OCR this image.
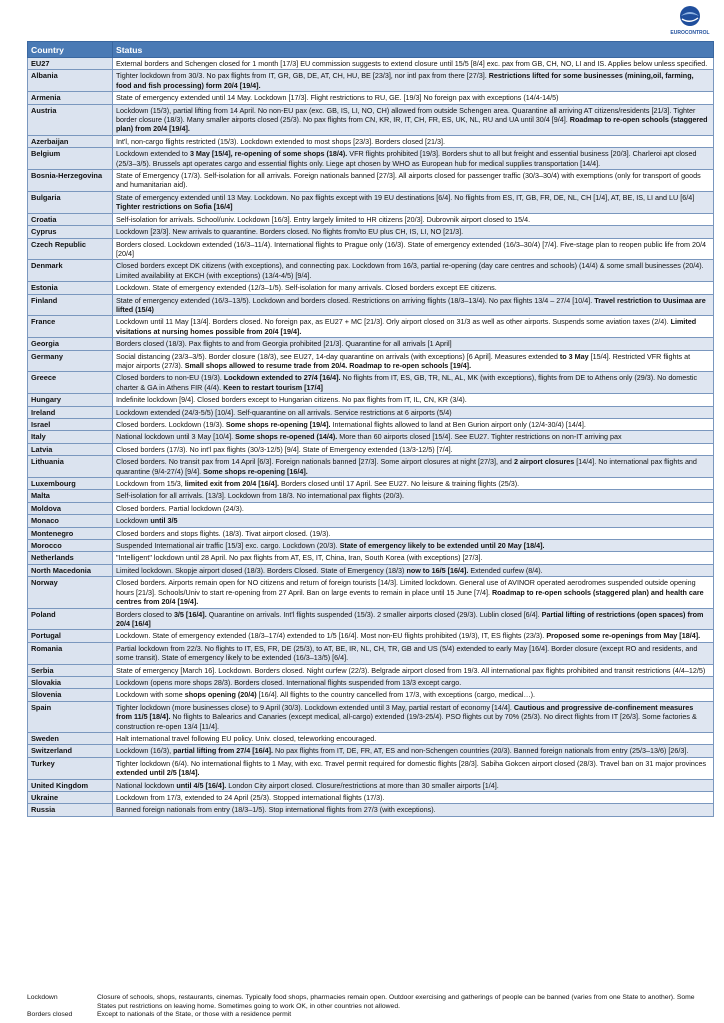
EUROCONTROL
Country	Status
EU27	External borders and Schengen closed for 1 month [17/3] EU commission suggests to extend closure until 15/5 [8/4] exc. pax from GB, CH, NO, LI and IS. Applies below unless specified.
Albania	Tighter lockdown from 30/3. No pax flights from IT, GR, GB, DE, AT, CH, HU, BE [23/3], nor intl pax from there [27/3]. Restrictions lifted for some businesses (mining,oil, farming, food and fish processing) form 20/4 [19/4].
Armenia	State of emergency extended until 14 May. Lockdown [17/3]. Flight restrictions to RU, GE. [19/3] No foreign pax with exceptions (14/4-14/5)
Austria	Lockdown (15/3), partial lifting from 14 April. No non-EU pax (exc. GB, IS, LI, NO, CH) allowed from outside Schengen area. Quarantine all arriving AT citizens/residents [21/3]. Tighter border closure (18/3). Many smaller airports closed (25/3). No pax flights from CN, KR, IR, IT, CH, FR, ES, UK, NL, RU and UA until 30/4 [9/4]. Roadmap to re-open schools (staggered plan) from 20/4 [19/4].
Azerbaijan	Int'l, non-cargo flights restricted (15/3). Lockdown extended to most shops [23/3]. Borders closed [21/3].
Belgium	Lockdown extended to 3 May [15/4], re-opening of some shops (18/4). VFR flights prohibited [19/3]. Borders shut to all but freight and essential business [20/3]. Charleroi apt closed (25/3–3/5). Brussels apt operates cargo and essential flights only. Liege apt chosen by WHO as European hub for medical supplies transportation [14/4].
Bosnia-Herzegovina	State of Emergency (17/3). Self-isolation for all arrivals. Foreign nationals banned [27/3]. All airports closed for passenger traffic (30/3–30/4) with exemptions (only for transport of goods and humanitarian aid).
Bulgaria	State of emergency extended until 13 May. Lockdown. No pax flights except with 19 EU destinations [6/4]. No flights from ES, IT, GB, FR, DE, NL, CH [1/4], AT, BE, IS, LI and LU [6/4] Tighter restrictions on Sofia [16/4]
Croatia	Self-isolation for arrivals. School/univ. Lockdown [16/3]. Entry largely limited to HR citizens [20/3]. Dubrovnik airport closed to 15/4.
Cyprus	Lockdown [23/3]. New arrivals to quarantine. Borders closed. No flights from/to EU plus CH, IS, LI, NO [21/3].
Czech Republic	Borders closed. Lockdown extended (16/3–11/4). International flights to Prague only (16/3). State of emergency extended (16/3–30/4) [7/4]. Five-stage plan to reopen public life from 20/4 [20/4]
Denmark	Closed borders except DK citizens (with exceptions), and connecting pax. Lockdown from 16/3, partial re-opening (day care centres and schools) (14/4) & some small businesses (20/4). Limited availability at EKCH (with exceptions) (13/4-4/5) [9/4].
Estonia	Lockdown. State of emergency extended (12/3–1/5). Self-isolation for many arrivals. Closed borders except EE citizens.
Finland	State of emergency extended (16/3–13/5). Lockdown and borders closed. Restrictions on arriving flights (18/3–13/4). No pax flights 13/4 – 27/4 [10/4]. Travel restriction to Uusimaa are lifted (15/4)
France	Lockdown until 11 May [13/4]. Borders closed. No foreign pax, as EU27 + MC [21/3]. Orly airport closed on 31/3 as well as other airports. Suspends some aviation taxes (2/4). Limited visitations at nursing homes possible from 20/4 [19/4].
Georgia	Borders closed (18/3). Pax flights to and from Georgia prohibited [21/3]. Quarantine for all arrivals [1 April]
Germany	Social distancing (23/3–3/5). Border closure (18/3), see EU27, 14-day quarantine on arrivals (with exceptions) [6 April]. Measures extended to 3 May [15/4]. Restricted VFR flights at major airports (27/3). Small shops allowed to resume trade from 20/4. Roadmap to re-open schools [19/4].
Greece	Closed borders to non-EU (19/3). Lockdown extended to 27/4 [16/4]. No flights from IT, ES, GB, TR, NL, AL, MK (with exceptions), flights from DE to Athens only (29/3). No domestic charter & GA in Athens FIR (4/4). Keen to restart tourism [17/4]
Hungary	Indefinite lockdown [9/4]. Closed borders except to Hungarian citizens. No pax flights from IT, IL, CN, KR (3/4).
Ireland	Lockdown extended (24/3-5/5) [10/4]. Self-quarantine on all arrivals. Service restrictions at 6 airports (5/4)
Israel	Closed borders. Lockdown (19/3). Some shops re-opening [19/4]. International flights allowed to land at Ben Gurion airport only (12/4-30/4) [14/4].
Italy	National lockdown until 3 May [10/4]. Some shops re-opened (14/4). More than 60 airports closed [15/4]. See EU27. Tighter restrictions on non-IT arriving pax
Latvia	Closed borders (17/3). No int'l pax flights (30/3-12/5) [9/4]. State of Emergency extended (13/3-12/5) [7/4].
Lithuania	Closed borders. No transit pax from 14 April [6/3]. Foreign nationals banned [27/3]. Some airport closures at night [27/3], and 2 airport closures [14/4]. No international pax flights and quarantine (9/4-27/4) [9/4]. Some shops re-opening [16/4].
Luxembourg	Lockdown from 15/3, limited exit from 20/4 [16/4]. Borders closed until 17 April. See EU27. No leisure & training flights (25/3).
Malta	Self-isolation for all arrivals. [13/3]. Lockdown from 18/3. No international pax flights (20/3).
Moldova	Closed borders. Partial lockdown (24/3).
Monaco	Lockdown until 3/5
Montenegro	Closed borders and stops flights. (18/3). Tivat airport closed. (19/3).
Morocco	Suspended International air traffic [15/3] exc. cargo. Lockdown (20/3). State of emergency likely to be extended until 20 May [18/4].
Netherlands	"Intelligent" lockdown until 28 April. No pax flights from AT, ES, IT, China, Iran, South Korea (with exceptions) [27/3].
North Macedonia	Limited lockdown. Skopje airport closed (18/3). Borders Closed. State of Emergency (18/3) now to 16/5 [16/4]. Extended curfew (8/4).
Norway	Closed borders. Airports remain open for NO citizens and return of foreign tourists [14/3]. Limited lockdown. General use of AVINOR operated aerodromes suspended outside opening hours [21/3]. Schools/Univ to start re-opening from 27 April. Ban on large events to remain in place until 15 June [7/4]. Roadmap to re-open schools (staggered plan) and health care centres from 20/4 [19/4].
Poland	Borders closed to 3/5 [16/4]. Quarantine on arrivals. Int'l flights suspended (15/3). 2 smaller airports closed (29/3). Lublin closed [6/4]. Partial lifting of restrictions (open spaces) from 20/4 [16/4]
Portugal	Lockdown. State of emergency extended (18/3–17/4) extended to 1/5 [16/4]. Most non-EU flights prohibited (19/3), IT, ES flights (23/3). Proposed some re-openings from May [18/4].
Romania	Partial lockdown from 22/3. No flights to IT, ES, FR, DE (25/3), to AT, BE, IR, NL, CH, TR, GB and US (5/4) extended to early May [16/4]. Border closure (except RO and residents, and some transit). State of emergency likely to be extended (16/3–13/5) [6/4].
Serbia	State of emergency [March 16]. Lockdown. Borders closed. Night curfew (22/3). Belgrade airport closed from 19/3. All international pax flights prohibited and transit restrictions (4/4–12/5)
Slovakia	Lockdown (opens more shops 28/3). Borders closed. International flights suspended from 13/3 except cargo.
Slovenia	Lockdown with some shops opening (20/4) [16/4]. All flights to the country cancelled from 17/3, with exceptions (cargo, medical…).
Spain	Tighter lockdown (more businesses close) to 9 April (30/3). Lockdown extended until 3 May, partial restart of economy [14/4]. Cautious and progressive de-confinement measures from 11/5 [18/4]. No flights to Balearics and Canaries (except medical, all-cargo) extended (19/3-25/4). PSO flights cut by 70% (25/3). No direct flights from IT [26/3]. Some factories & construction re-open 13/4 [11/4].
Sweden	Halt international travel following EU policy. Univ. closed, teleworking encouraged.
Switzerland	Lockdown (16/3), partial lifting from 27/4 [16/4]. No pax flights from IT, DE, FR, AT, ES and non-Schengen countries (20/3). Banned foreign nationals from entry (25/3–13/6) [26/3].
Turkey	Tighter lockdown (6/4). No international flights to 1 May, with exc. Travel permit required for domestic flights [28/3]. Sabiha Gokcen airport closed (28/3). Travel ban on 31 major provinces extended until 2/5 [18/4].
United Kingdom	National lockdown until 4/5 [16/4]. London City airport closed. Closure/restrictions at more than 30 smaller airports [1/4].
Ukraine	Lockdown from 17/3, extended to 24 April (25/3). Stopped international flights (17/3).
Russia	Banned foreign nationals from entry (18/3–1/5). Stop international flights from 27/3 (with exceptions).
Lockdown	Closure of schools, shops, restaurants, cinemas. Typically food shops, pharmacies remain open. Outdoor exercising and gatherings of people can be banned (varies from one State to another). Some States put restrictions on leaving home. Sometimes going to work OK, in other countries not allowed.
Borders closed	Except to nationals of the State, or those with a residence permit
